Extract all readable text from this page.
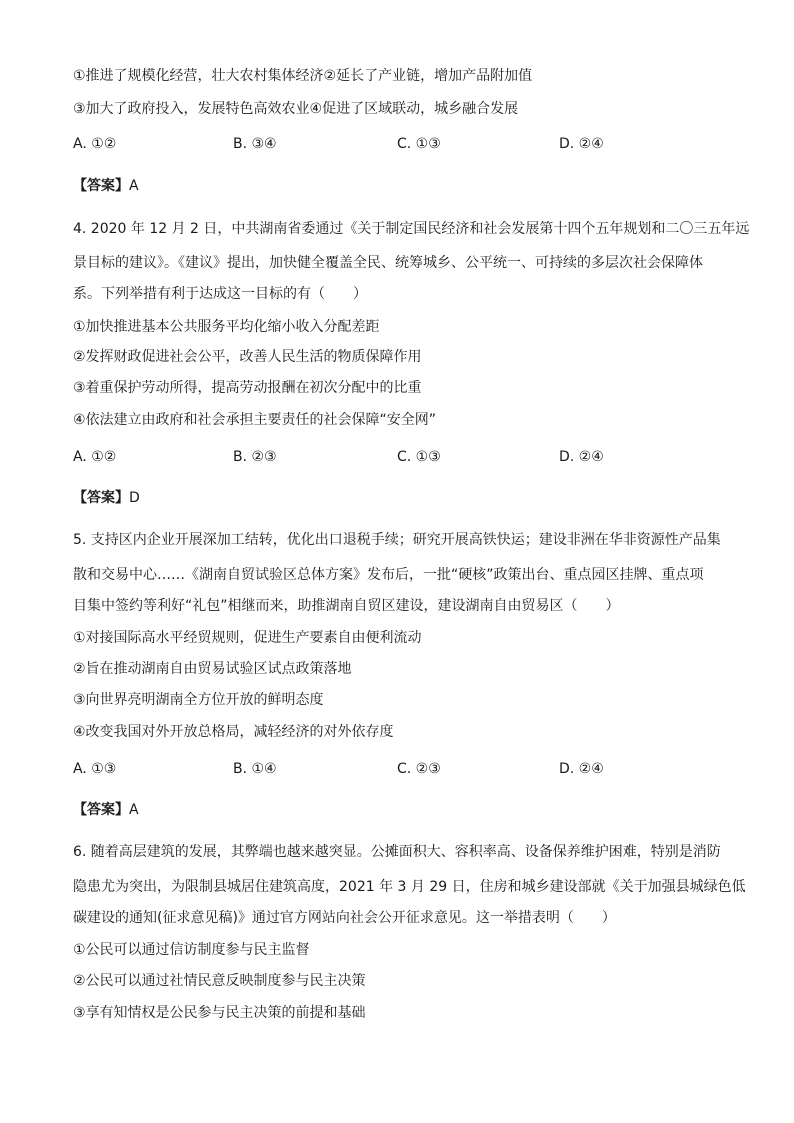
①推进了规模化经营，壮大农村集体经济②延长了产业链，增加产品附加值
③加大了政府投入，发展特色高效农业④促进了区域联动，城乡融合发展
A. ①②	B. ③④	C. ①③	D. ②④
【答案】A
4. 2020 年 12 月 2 日，中共湖南省委通过《关于制定国民经济和社会发展第十四个五年规划和二〇三五年远
景目标的建议》。《建议》提出，加快健全覆盖全民、统筹城乡、公平统一、可持续的多层次社会保障体
系。下列举措有利于达成这一目标的有（　　）
①加快推进基本公共服务平均化缩小收入分配差距
②发挥财政促进社会公平，改善人民生活的物质保障作用
③着重保护劳动所得，提高劳动报酬在初次分配中的比重
④依法建立由政府和社会承担主要责任的社会保障“安全网”
A. ①②	B. ②③	C. ①③	D. ②④
【答案】D
5. 支持区内企业开展深加工结转，优化出口退税手续；研究开展高铁快运；建设非洲在华非资源性产品集
散和交易中心……《湖南自贸试验区总体方案》发布后，一批“硬核”政策出台、重点园区挂牌、重点项
目集中签约等利好“礼包”相继而来，助推湖南自贸区建设，建设湖南自由贸易区（　　）
①对接国际高水平经贸规则，促进生产要素自由便利流动
②旨在推动湖南自由贸易试验区试点政策落地
③向世界亮明湖南全方位开放的鲜明态度
④改变我国对外开放总格局，减轻经济的对外依存度
A. ①③	B. ①④	C. ②③	D. ②④
【答案】A
6. 随着高层建筑的发展，其弊端也越来越突显。公摊面积大、容积率高、设备保养维护困难，特别是消防
隐患尤为突出，为限制县城居住建筑高度，2021 年 3 月 29 日，住房和城乡建设部就《关于加强县城绿色低
碳建设的通知(征求意见稿)》通过官方网站向社会公开征求意见。这一举措表明（　　）
①公民可以通过信访制度参与民主监督
②公民可以通过社情民意反映制度参与民主决策
③享有知情权是公民参与民主决策的前提和基础
